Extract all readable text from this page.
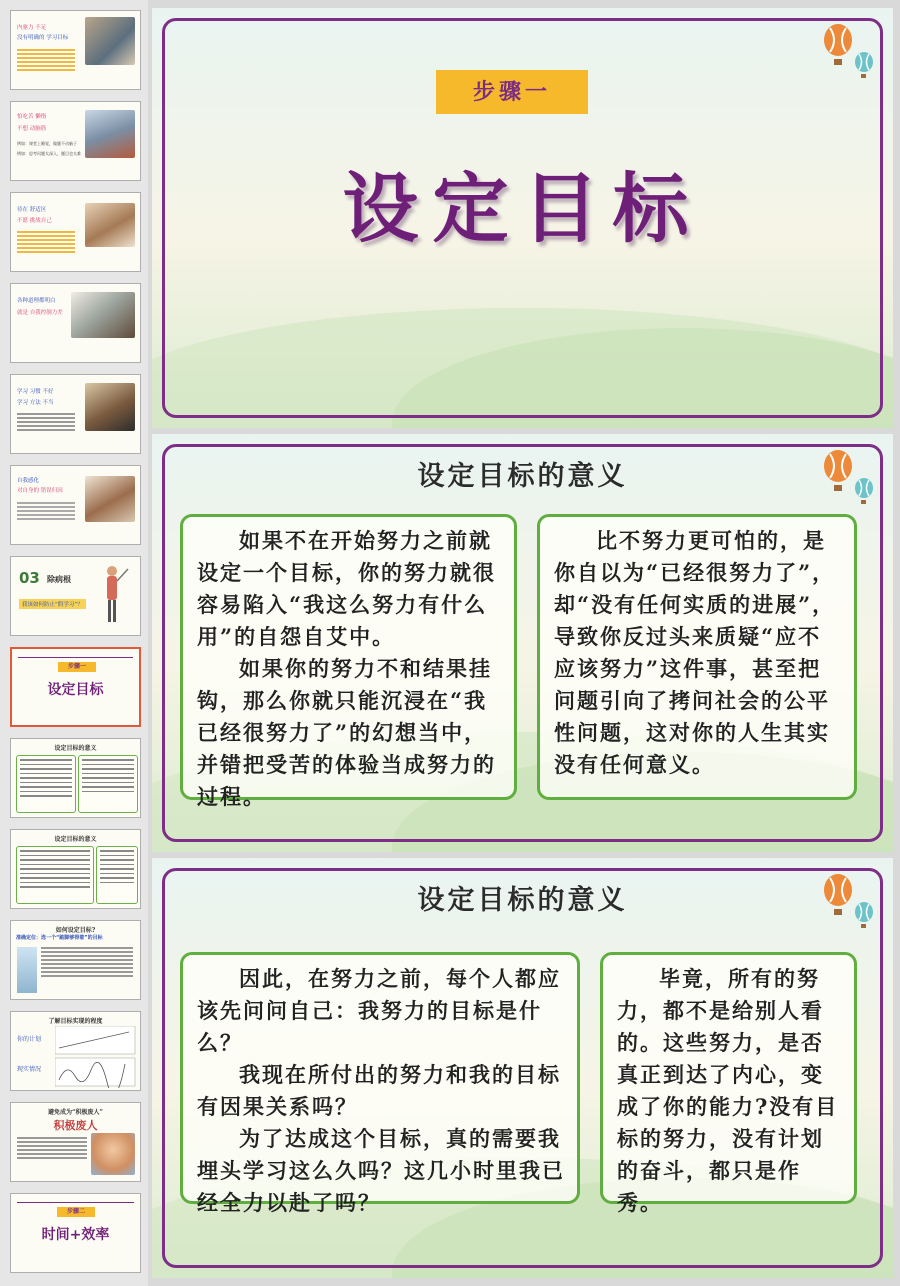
内驱力 不足
没有明确的 学习目标
怕吃苦 懒惰
不想 动脑筋
例如：课堂上睡觉，做题不动脑子
例如：思考问题太深入，题目也太难
待在 舒适区
不愿 挑战自己
各种道理都明白
就是 自我控制力差
学习 习惯 不好
学习 方法 不当
自我感化
对自身的 错误归因
03 除病根
我该如何防止“假学习”？
步骤一
设定目标
设定目标的意义
设定目标的意义
如何设定目标?
准确定位：选一个“踮脚够得着”的目标
了解目标实现的程度
你的计划
现实情况
避免成为“积极废人”
积极废人
步骤二
时间+效率
步骤一
设定目标
设定目标的意义

如果不在开始努力之前就设定一个目标，你的努力就很容易陷入“我这么努力有什么用”的自怨自艾中。

如果你的努力不和结果挂钩，那么你就只能沉浸在“我已经很努力了”的幻想当中，并错把受苦的体验当成努力的过程。

比不努力更可怕的，是你自以为“已经很努力了”，却“没有任何实质的进展”，导致你反过头来质疑“应不应该努力”这件事，甚至把问题引向了拷问社会的公平性问题，这对你的人生其实没有任何意义。

设定目标的意义

因此，在努力之前，每个人都应该先问问自己：我努力的目标是什么？

我现在所付出的努力和我的目标有因果关系吗？

为了达成这个目标，真的需要我埋头学习这么久吗？这几小时里我已经全力以赴了吗？

毕竟，所有的努力，都不是给别人看的。这些努力，是否真正到达了内心，变成了你的能力?没有目标的努力，没有计划的奋斗，都只是作秀。
